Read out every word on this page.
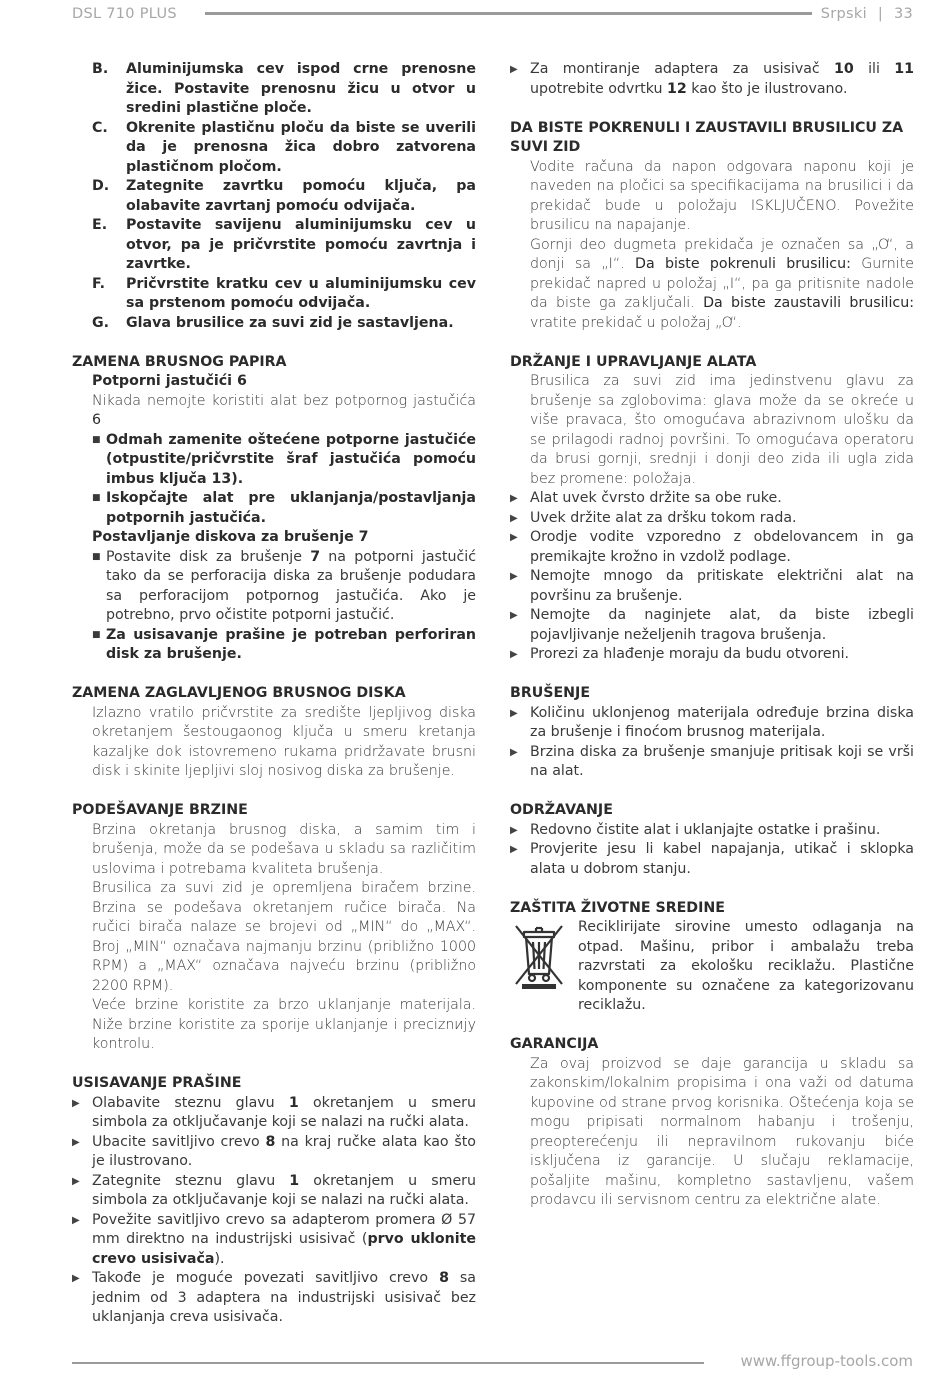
DSL 710 PLUS	Srpski | 33
B.	Aluminijumska cev ispod crne prenosne žice. Postavite prenosnu žicu u otvor u sredini plastične ploče.
C.	Okrenite plastičnu ploču da biste se uverili da je prenosna žica dobro zatvorena plastičnom pločom.
D.	Zategnite zavrtku pomoću ključa, pa olabavite zavrtanj pomoću odvijača.
E.	Postavite savijenu aluminijumsku cev u otvor, pa je pričvrstite pomoću zavrtnja i zavrtke.
F.	Pričvrstite kratku cev u aluminijumsku cev sa prstenom pomoću odvijača.
G.	Glava brusilice za suvi zid je sastavljena.
ZAMENA BRUSNOG PAPIRA
Potporni jastučići 6
Nikada nemojte koristiti alat bez potpornog jastučića 6
■ Odmah zamenite oštećene potporne jastučiće (otpustite/pričvrstite šraf jastučića pomoću imbus ključa 13).
■ Iskopčajte alat pre uklanjanja/postavljanja potpornih jastučića.
Postavljanje diskova za brušenje 7
■ Postavite disk za brušenje 7 na potporni jastučić tako da se perforacija diska za brušenje podudara sa perforacijom potpornog jastučića. Ako je potrebno, prvo očistite potporni jastučić.
■ Za usisavanje prašine je potreban perforiran disk za brušenje.
ZAMENA ZAGLAVLJENOG BRUSNOG DISKA
Izlazno vratilo pričvrstite za središte ljepljivog diska okretanjem šestougaonog ključa u smeru kretanja kazaljke dok istovremeno rukama pridržavate brusni disk i skinite ljepljivi sloj nosivog diska za brušenje.
PODEŠAVANJE BRZINE
Brzina okretanja brusnog diska, a samim tim i brušenja, može da se podešava u skladu sa različitim uslovima i potrebama kvaliteta brušenja.
Brusilica za suvi zid je opremljena biračem brzine. Brzina se podešava okretanjem ručice birača. Na ručici birača nalaze se brojevi od „MIN“ do „MAX“. Broj „MIN“ označava najmanju brzinu (približno 1000 RPM) a „MAX“ označava najveću brzinu (približno 2200 RPM).
Veće brzine koristite za brzo uklanjanje materijala. Niže brzine koristite za sporije uklanjanje i preciznију kontrolu.
USISAVANJE PRAŠINE
▶ Olabavite steznu glavu 1 okretanjem u smeru simbola za otključavanje koji se nalazi na ručki alata.
▶ Ubacite savitljivo crevo 8 na kraj ručke alata kao što je ilustrovano.
▶ Zategnite steznu glavu 1 okretanjem u smeru simbola za otključavanje koji se nalazi na ručki alata.
▶ Povežite savitljivo crevo sa adapterom promera Ø 57 mm direktno na industrijski usisivač (prvo uklonite crevo usisivača).
▶ Takođe je moguće povezati savitljivo crevo 8 sa jednim od 3 adaptera na industrijski usisivač bez uklanjanja creva usisivača.
▶ Za montiranje adaptera za usisivač 10 ili 11 upotrebite odvrtku 12 kao što je ilustrovano.
DA BISTE POKRENULI I ZAUSTAVILI BRUSILICU ZA SUVI ZID
Vodite računa da napon odgovara naponu koji je naveden na pločici sa specifikacijama na brusilici i da prekidač bude u položaju ISKLJUČENO. Povežite brusilicu na napajanje.
Gornji deo dugmeta prekidača je označen sa „O“, a donji sa „I“. Da biste pokrenuli brusilicu: Gurnite prekidač napred u položaj „I“, pa ga pritisnite nadole da biste ga zaključali. Da biste zaustavili brusilicu: vratite prekidač u položaj „O“.
DRŽANJE I UPRAVLJANJE ALATA
Brusilica za suvi zid ima jedinstvenu glavu za brušenje sa zglobovima: glava može da se okreće u više pravaca, što omogućava abrazivnom ulošku da se prilagodi radnoj površini. To omogućava operatoru da brusi gornji, srednji i donji deo zida ili ugla zida bez promene: položaja.
▶ Alat uvek čvrsto držite sa obe ruke.
▶ Uvek držite alat za dršku tokom rada.
▶ Orodje vodite vzporedno z obdelovancem in ga premikajte krožno in vzdolž podlage.
▶ Nemojte mnogo da pritiskate električni alat na površinu za brušenje.
▶ Nemojte da naginjete alat, da biste izbegli pojavljivanje neželjenih tragova brušenja.
▶ Prorezi za hlađenje moraju da budu otvoreni.
BRUŠENJE
▶ Količinu uklonjenog materijala određuje brzina diska za brušenje i finoćom brusnog materijala.
▶ Brzina diska za brušenje smanjuje pritisak koji se vrši na alat.
ODRŽAVANJE
▶ Redovno čistite alat i uklanjajte ostatke i prašinu.
▶ Provjerite jesu li kabel napajanja, utikač i sklopka alata u dobrom stanju.
ZAŠTITA ŽIVOTNE SREDINE
Reciklirijate sirovine umesto odlaganja na otpad. Mašinu, pribor i ambalažu treba razvrstati za ekološku reciklažu. Plastične komponente su označene za kategorizovanu reciklažu.
GARANCIJA
Za ovaj proizvod se daje garancija u skladu sa zakonskim/lokalnim propisima i ona važi od datuma kupovine od strane prvog korisnika. Oštećenja koja se mogu pripisati normalnom habanju i trošenju, preopterećenju ili nepravilnom rukovanju biće isključena iz garancije. U slučaju reklamacije, pošaljite mašinu, kompletno sastavljenu, vašem prodavcu ili servisnom centru za električne alate.
www.ffgroup-tools.com
